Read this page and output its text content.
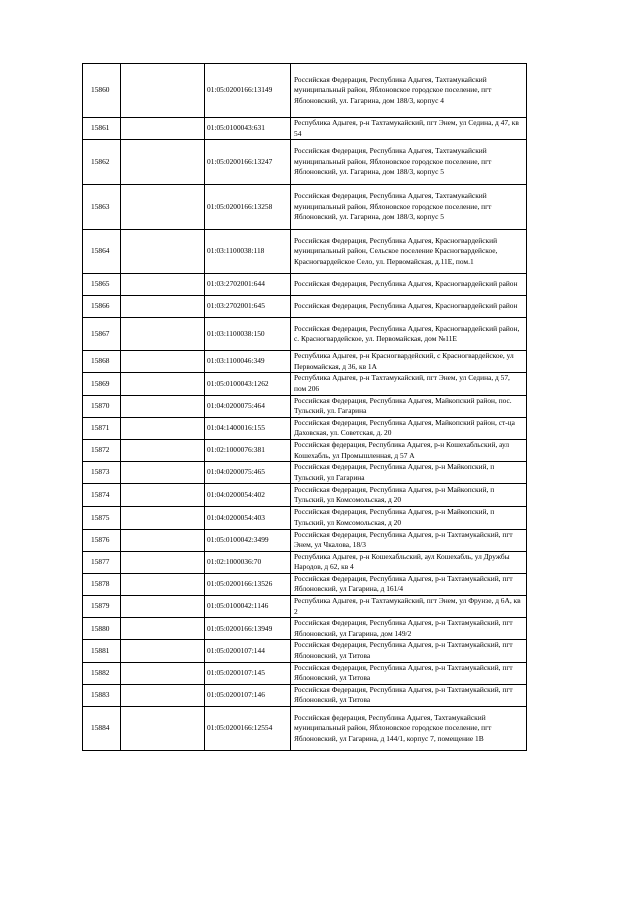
15860		01:05:0200166:13149	Российская Федерация, Республика Адыгея, Тахтамукайский муниципальный район, Яблоновское городское поселение, пгт Яблоновский, ул. Гагарина, дом 188/3, корпус 4
15861		01:05:0100043:631	Республика Адыгея, р-н Тахтамукайский, пгт Энем, ул Седина, д 47, кв 54
15862		01:05:0200166:13247	Российская Федерация, Республика Адыгея, Тахтамукайский муниципальный район, Яблоновское городское поселение, пгт Яблоновский, ул. Гагарина, дом 188/3, корпус 5
15863		01:05:0200166:13258	Российская Федерация, Республика Адыгея, Тахтамукайский муниципальный район, Яблоновское городское поселение, пгт Яблоновский, ул. Гагарина, дом 188/3, корпус 5
15864		01:03:1100038:118	Российская Федерация, Республика Адыгея, Красногвардейский муниципальный район, Сельское поселение Красногвардейское, Красногвардейское Село, ул. Первомайская, д.11Е, пом.1
15865		01:03:2702001:644	Российская Федерация, Республика Адыгея, Красногвардейский район
15866		01:03:2702001:645	Российская Федерация, Республика Адыгея, Красногвардейский район
15867		01:03:1100038:150	Российская Федерация, Республика Адыгея, Красногвардейский район, с. Красногвардейское, ул. Первомайская, дом №11Е
15868		01:03:1100046:349	Республика Адыгея, р-н Красногвардейский, с Красногвардейское, ул Первомайская, д 36, кв 1А
15869		01:05:0100043:1262	Республика Адыгея, р-н Тахтамукайский, пгт Энем, ул Седина, д 57, пом 206
15870		01:04:0200075:464	Российская Федерация, Республика Адыгея, Майкопский район, пос. Тульский, ул. Гагарина
15871		01:04:1400016:155	Российская Федерация, Республика Адыгея, Майкопский район, ст-ца Даховская, ул. Советская, д. 20
15872		01:02:1000076:381	Российская федерация, Республика Адыгея, р-н Кошехабльский, аул Кошехабль, ул Промышленная, д 57 А
15873		01:04:0200075:465	Российская Федерация, Республика Адыгея, р-н Майкопский, п Тульский, ул Гагарина
15874		01:04:0200054:402	Российская Федерация, Республика Адыгея, р-н Майкопский, п Тульский, ул Комсомольская, д 20
15875		01:04:0200054:403	Российская Федерация, Республика Адыгея, р-н Майкопский, п Тульский, ул Комсомольская, д 20
15876		01:05:0100042:3499	Российская Федерация, Республика Адыгея, р-н Тахтамукайский, пгт Энем, ул Чкалова, 18/3
15877		01:02:1000036:70	Республика Адыгея, р-н Кошехабльский, аул Кошехабль, ул Дружбы Народов, д 62, кв 4
15878		01:05:0200166:13526	Российская Федерация, Республика Адыгея, р-н Тахтамукайский, пгт Яблоновский, ул Гагарина, д 161/4
15879		01:05:0100042:1146	Республика Адыгея, р-н Тахтамукайский, пгт Энем, ул Фрунзе, д 6А, кв 2
15880		01:05:0200166:13949	Российская Федерация, Республика Адыгея, р-н Тахтамукайский, пгт Яблоновский, ул Гагарина, дом 149/2
15881		01:05:0200107:144	Российская Федерация, Республика Адыгея, р-н Тахтамукайский, пгт Яблоновский, ул Титова
15882		01:05:0200107:145	Российская Федерация, Республика Адыгея, р-н Тахтамукайский, пгт Яблоновский, ул Титова
15883		01:05:0200107:146	Российская Федерация, Республика Адыгея, р-н Тахтамукайский, пгт Яблоновский, ул Титова
15884		01:05:0200166:12554	Российская федерация, Республика Адыгея, Тахтамукайский муниципальный район, Яблоновское городское поселение, пгт Яблоновский, ул Гагарина, д 144/1, корпус 7, помещение 1В
